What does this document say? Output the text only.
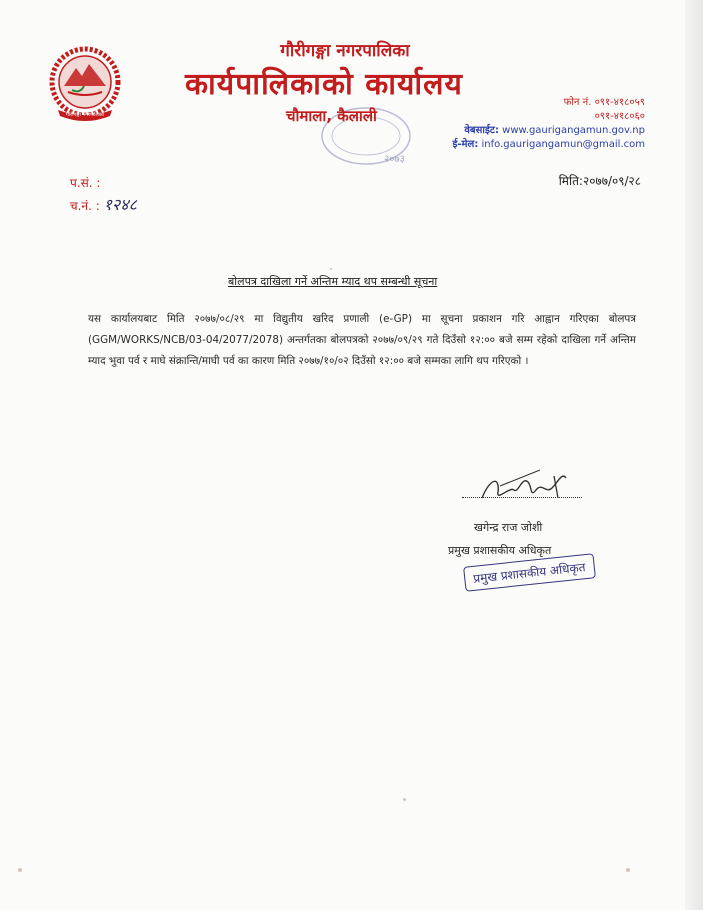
गौरीगङ्गा नगरपालिका
गौरीगङ्गा नगरपालिका
कार्यपालिकाको कार्यालय
२०७३
चौमाला, कैलाली
फोन नं. ०९१-४१८०५९
०९१-४१८०६०
वेबसाईट: www.gaurigangamun.gov.np
ई-मेल: info.gaurigangamun@gmail.com
प.सं. :
च.नं. : १२४८
मिति:२०७७/०९/२८
बोलपत्र दाखिला गर्ने अन्तिम म्याद थप सम्बन्धी सूचना
यस कार्यालयबाट मिति २०७७/०८/२९ मा विद्युतीय खरिद प्रणाली (e-GP) मा सूचना प्रकाशन गरि आह्वान गरिएका बोलपत्र (GGM/WORKS/NCB/03-04/2077/2078) अन्तर्गतका बोलपत्रको २०७७/०९/२९ गते दिउँसो १२:०० बजे सम्म रहेको दाखिला गर्ने अन्तिम म्याद भुवा पर्व र माघे संक्रान्ति/माघी पर्व का कारण मिति २०७७/१०/०२ दिउँसो १२:०० बजे सम्मका लागि थप गरिएको ।
खगेन्द्र राज जोशी
प्रमुख प्रशासकीय अधिकृत
प्रमुख प्रशासकीय अधिकृत
